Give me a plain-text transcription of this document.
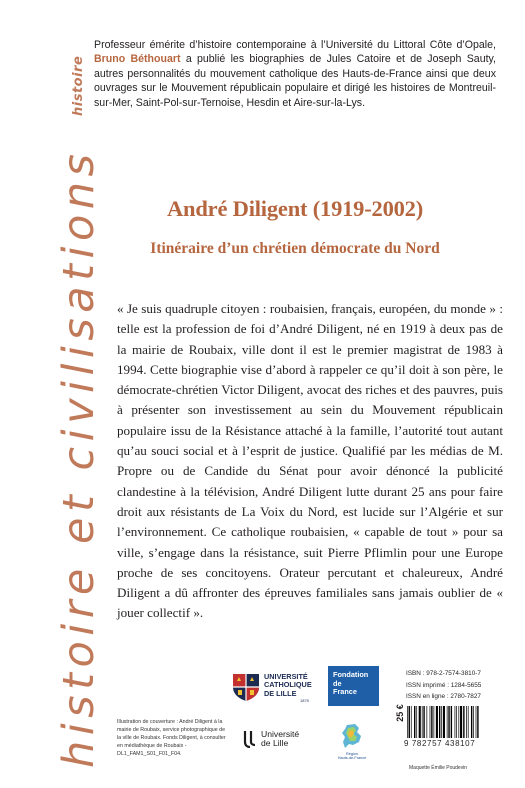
histoire et civilisations
histoire
Professeur émérite d’histoire contemporaine à l’Université du Littoral Côte d’Opale, Bruno Béthouart a publié les biographies de Jules Catoire et de Joseph Sauty, autres personnalités du mouvement catholique des Hauts-de-France ainsi que deux ouvrages sur le Mouvement républicain populaire et dirigé les histoires de Montreuil-sur-Mer, Saint-Pol-sur-Ternoise, Hesdin et Aire-sur-la-Lys.
André Diligent (1919-2002)
Itinéraire d’un chrétien démocrate du Nord
« Je suis quadruple citoyen : roubaisien, français, européen, du monde » : telle est la profession de foi d’André Diligent, né en 1919 à deux pas de la mairie de Roubaix, ville dont il est le premier magistrat de 1983 à 1994. Cette biographie vise d’abord à rappeler ce qu’il doit à son père, le démocrate-chrétien Victor Diligent, avocat des riches et des pauvres, puis à présenter son investissement au sein du Mouvement républicain populaire issu de la Résistance attaché à la famille, l’autorité tout autant qu’au souci social et à l’esprit de justice. Qualifié par les médias de M. Propre ou de Candide du Sénat pour avoir dénoncé la publicité clandestine à la télévision, André Diligent lutte durant 25 ans pour faire droit aux résistants de La Voix du Nord, est lucide sur l’Algérie et sur l’environnement. Ce catholique roubaisien, « capable de tout » pour sa ville, s’engage dans la résistance, suit Pierre Pflimlin pour une Europe proche de ses concitoyens. Orateur percutant et chaleureux, André Diligent a dû affronter des épreuves familiales sans jamais oublier de « jouer collectif ».
Illustration de couverture : André Diligent à la mairie de Roubaix, service photographique de la ville de Roubaix. Fonds Diligent, à consulter en médiathèque de Roubaix - DL1_FAM1_S01_F01_F04.
UNIVERSITÉ
CATHOLIQUE
DE LILLE
1875
Université
de Lille
Fondation
de
France
Région
Hauts-de-France
ISBN : 978-2-7574-3810-7
ISSN imprimé : 1284-5655
ISSN en ligne : 2780-7827
25 €
9 782757 438107
Maquette Émilie Poudevin
